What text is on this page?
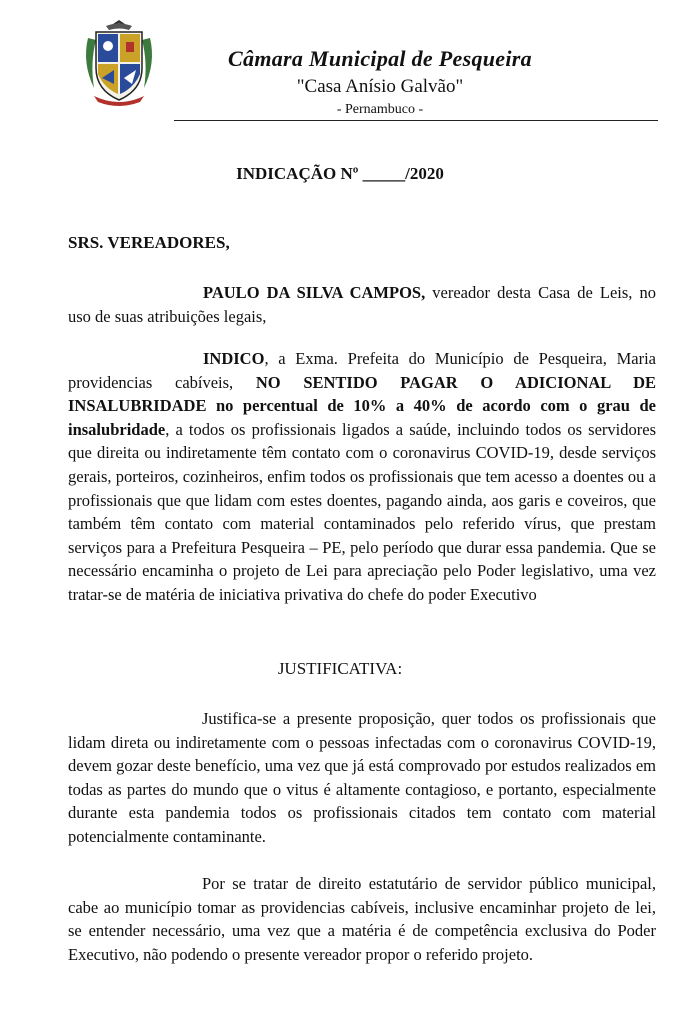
Câmara Municipal de Pesqueira
"Casa Anísio Galvão"
- Pernambuco -
INDICAÇÃO Nº _____/2020
SRS. VEREADORES,
PAULO DA SILVA CAMPOS, vereador desta Casa de Leis, no uso de suas atribuições legais,
INDICO, a Exma. Prefeita do Município de Pesqueira, Maria providencias cabíveis, NO SENTIDO PAGAR O ADICIONAL DE INSALUBRIDADE no percentual de 10% a 40% de acordo com o grau de insalubridade, a todos os profissionais ligados a saúde, incluindo todos os servidores que direita ou indiretamente têm contato com o coronavirus COVID-19, desde serviços gerais, porteiros, cozinheiros, enfim todos os profissionais que tem acesso a doentes ou a profissionais que que lidam com estes doentes, pagando ainda, aos garis e coveiros, que também têm contato com material contaminados pelo referido vírus, que prestam serviços para a Prefeitura Pesqueira – PE, pelo período que durar essa pandemia. Que se necessário encaminha o projeto de Lei para apreciação pelo Poder legislativo, uma vez tratar-se de matéria de iniciativa privativa do chefe do poder Executivo
JUSTIFICATIVA:
Justifica-se a presente proposição, quer todos os profissionais que lidam direta ou indiretamente com o pessoas infectadas com o coronavirus COVID-19, devem gozar deste benefício, uma vez que já está comprovado por estudos realizados em todas as partes do mundo que o vitus é altamente contagioso, e portanto, especialmente durante esta pandemia todos os profissionais citados tem contato com material potencialmente contaminante.
Por se tratar de direito estatutário de servidor público municipal, cabe ao município tomar as providencias cabíveis, inclusive encaminhar projeto de lei, se entender necessário, uma vez que a matéria é de competência exclusiva do Poder Executivo, não podendo o presente vereador propor o referido projeto.
